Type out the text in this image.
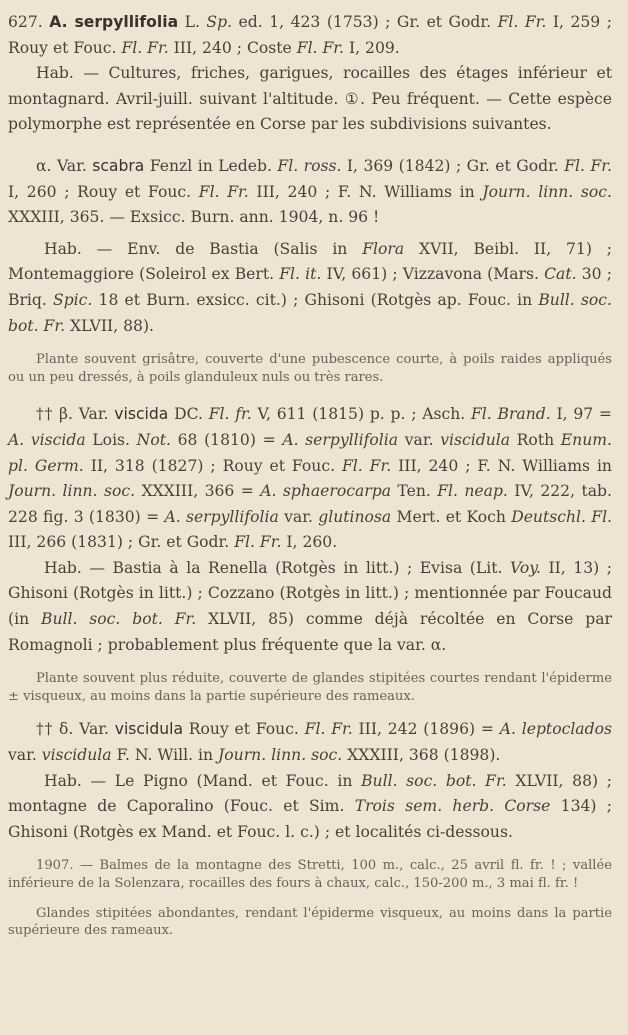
627. A. serpyllifolia L. Sp. ed. 1, 423 (1753) ; Gr. et Godr. Fl. Fr. I, 259 ; Rouy et Fouc. Fl. Fr. III, 240 ; Coste Fl. Fr. I, 209.

Hab. — Cultures, friches, garigues, rocailles des étages inférieur et montagnard. Avril-juill. suivant l'altitude. ①. Peu fréquent. — Cette espèce polymorphe est représentée en Corse par les subdivisions suivantes.

α. Var. scabra Fenzl in Ledeb. Fl. ross. I, 369 (1842) ; Gr. et Godr. Fl. Fr. I, 260 ; Rouy et Fouc. Fl. Fr. III, 240 ; F. N. Williams in Journ. linn. soc. XXXIII, 365. — Exsicc. Burn. ann. 1904, n. 96 !

Hab. — Env. de Bastia (Salis in Flora XVII, Beibl. II, 71) ; Montemaggiore (Soleirol ex Bert. Fl. it. IV, 661) ; Vizzavona (Mars. Cat. 30 ; Briq. Spic. 18 et Burn. exsicc. cit.) ; Ghisoni (Rotgès ap. Fouc. in Bull. soc. bot. Fr. XLVII, 88).

Plante souvent grisâtre, couverte d'une pubescence courte, à poils raides appliqués ou un peu dressés, à poils glanduleux nuls ou très rares.

†† β. Var. viscida DC. Fl. fr. V, 611 (1815) p. p. ; Asch. Fl. Brand. I, 97 = A. viscida Lois. Not. 68 (1810) = A. serpyllifolia var. viscidula Roth Enum. pl. Germ. II, 318 (1827) ; Rouy et Fouc. Fl. Fr. III, 240 ; F. N. Williams in Journ. linn. soc. XXXIII, 366 = A. sphaerocarpa Ten. Fl. neap. IV, 222, tab. 228 fig. 3 (1830) = A. serpyllifolia var. glutinosa Mert. et Koch Deutschl. Fl. III, 266 (1831) ; Gr. et Godr. Fl. Fr. I, 260.

Hab. — Bastia à la Renella (Rotgès in litt.) ; Evisa (Lit. Voy. II, 13) ; Ghisoni (Rotgès in litt.) ; Cozzano (Rotgès in litt.) ; mentionnée par Foucaud (in Bull. soc. bot. Fr. XLVII, 85) comme déjà récoltée en Corse par Romagnoli ; probablement plus fréquente que la var. α.

Plante souvent plus réduite, couverte de glandes stipitées courtes rendant l'épiderme ± visqueux, au moins dans la partie supérieure des rameaux.

†† δ. Var. viscidula Rouy et Fouc. Fl. Fr. III, 242 (1896) = A. leptoclados var. viscidula F. N. Will. in Journ. linn. soc. XXXIII, 368 (1898).

Hab. — Le Pigno (Mand. et Fouc. in Bull. soc. bot. Fr. XLVII, 88) ; montagne de Caporalino (Fouc. et Sim. Trois sem. herb. Corse 134) ; Ghisoni (Rotgès ex Mand. et Fouc. l. c.) ; et localités ci-dessous.

1907. — Balmes de la montagne des Stretti, 100 m., calc., 25 avril fl. fr. ! ; vallée inférieure de la Solenzara, rocailles des fours à chaux, calc., 150-200 m., 3 mai fl. fr. !

Glandes stipitées abondantes, rendant l'épiderme visqueux, au moins dans la partie supérieure des rameaux.
